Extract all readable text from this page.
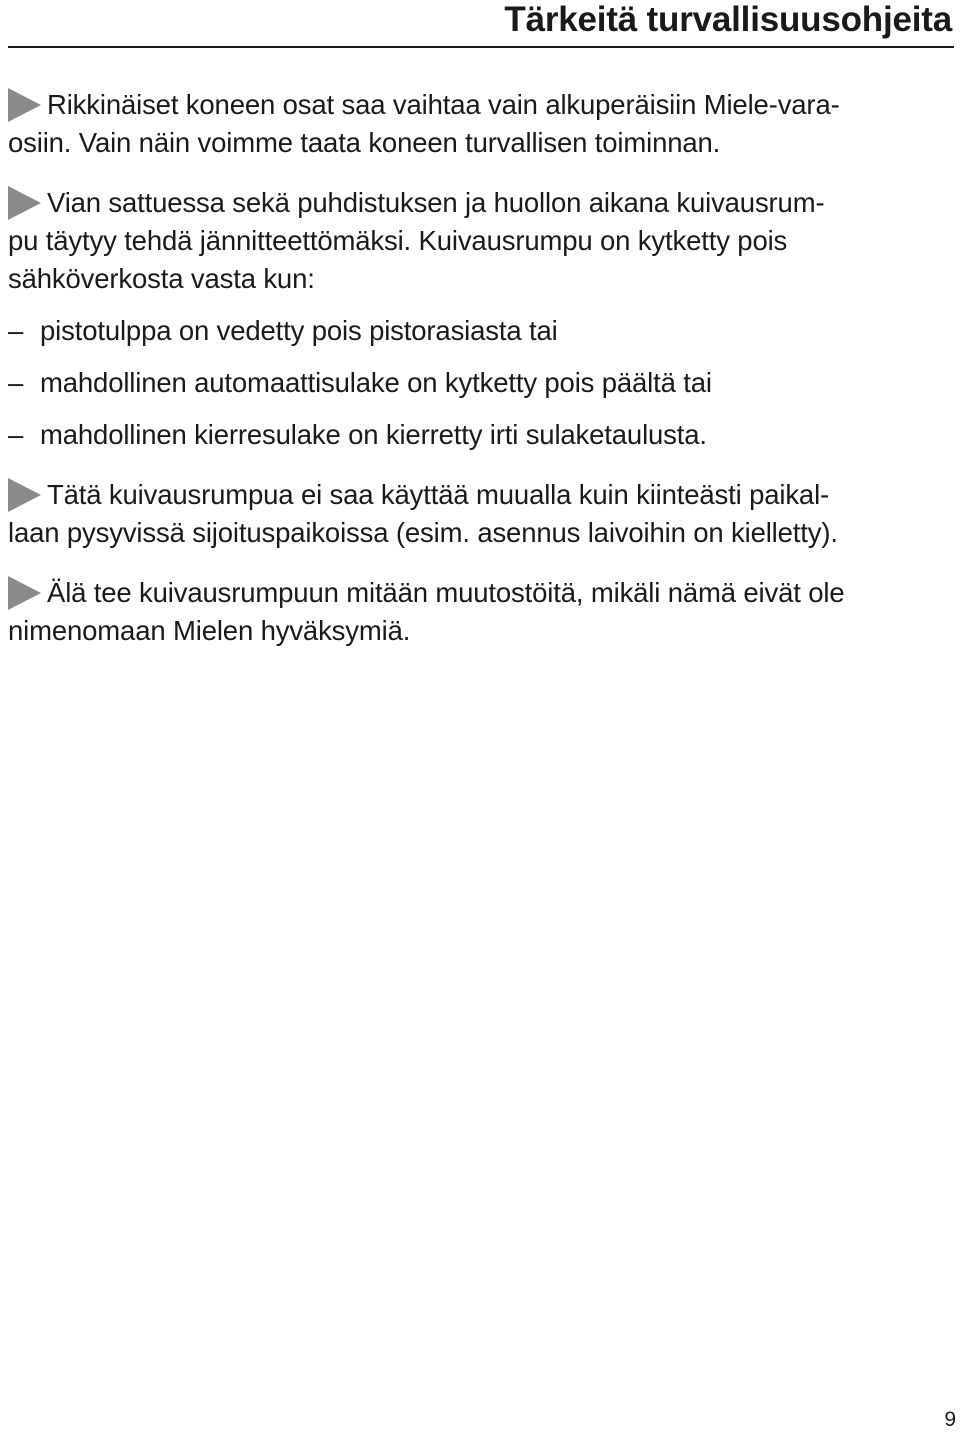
Tärkeitä turvallisuusohjeita
Rikkinäiset koneen osat saa vaihtaa vain alkuperäisiin Miele-vara-
osiin. Vain näin voimme taata koneen turvallisen toiminnan.
Vian sattuessa sekä puhdistuksen ja huollon aikana kuivausrum-
pu täytyy tehdä jännitteettömäksi. Kuivausrumpu on kytketty pois
sähköverkosta vasta kun:
– pistotulppa on vedetty pois pistorasiasta tai
– mahdollinen automaattisulake on kytketty pois päältä tai
– mahdollinen kierresulake on kierretty irti sulaketaulusta.
Tätä kuivausrumpua ei saa käyttää muualla kuin kiinteästi paikal-
laan pysyvissä sijoituspaikoissa (esim. asennus laivoihin on kielletty).
Älä tee kuivausrumpuun mitään muutostöitä, mikäli nämä eivät ole
nimenomaan Mielen hyväksymiä.
9
